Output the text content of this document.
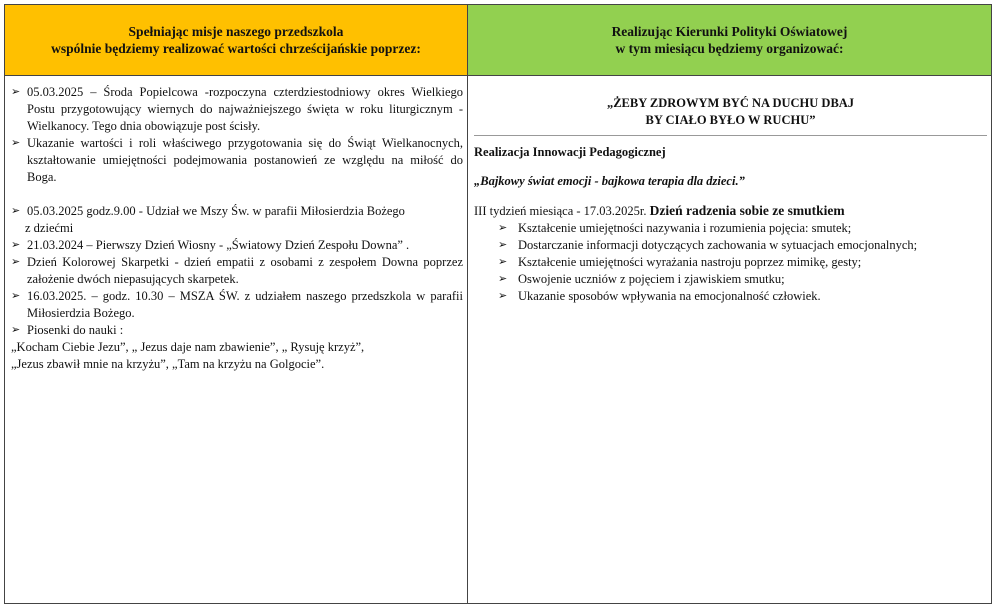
Spełniając misje naszego przedszkola
wspólnie będziemy realizować wartości chrześcijańskie poprzez:
➢ 05.03.2025 – Środa Popielcowa -rozpoczyna czterdziestodniowy okres Wielkiego Postu przygotowujący wiernych do najważniejszego święta w roku liturgicznym -Wielkanocy. Tego dnia obowiązuje post ścisły.
➢ Ukazanie wartości i roli właściwego przygotowania się do Świąt Wielkanocnych, kształtowanie umiejętności podejmowania postanowień ze względu na miłość do Boga.
➢ 05.03.2025 godz.9.00 - Udział we Mszy Św. w parafii Miłosierdzia Bożego
z dziećmi
➢ 21.03.2024 – Pierwszy Dzień Wiosny - „Światowy Dzień Zespołu Downa” .
➢ Dzień Kolorowej Skarpetki - dzień empatii z osobami z zespołem Downa poprzez założenie dwóch niepasujących skarpetek.
➢ 16.03.2025. – godz. 10.30 – MSZA ŚW. z udziałem naszego przedszkola w parafii Miłosierdzia Bożego.
➢ Piosenki do nauki :
„Kocham Ciebie Jezu”, „ Jezus daje nam zbawienie”, „ Rysuję krzyż”,
„Jezus zbawił mnie na krzyżu”, „Tam na krzyżu na Golgocie”.
Realizując Kierunki Polityki Oświatowej
w tym miesiącu będziemy organizować:
„ŻEBY ZDROWYM BYĆ NA DUCHU DBAJ
BY CIAŁO BYŁO W RUCHU”
Realizacja Innowacji Pedagogicznej
„Bajkowy świat emocji - bajkowa terapia dla dzieci.”
III tydzień miesiąca - 17.03.2025r. Dzień radzenia sobie ze smutkiem
➢ Kształcenie umiejętności nazywania i rozumienia pojęcia: smutek;
➢ Dostarczanie informacji dotyczących zachowania w sytuacjach emocjonalnych;
➢ Kształcenie umiejętności wyrażania nastroju poprzez mimikę, gesty;
➢ Oswojenie uczniów z pojęciem i zjawiskiem smutku;
➢ Ukazanie sposobów wpływania na emocjonalność człowiek.
